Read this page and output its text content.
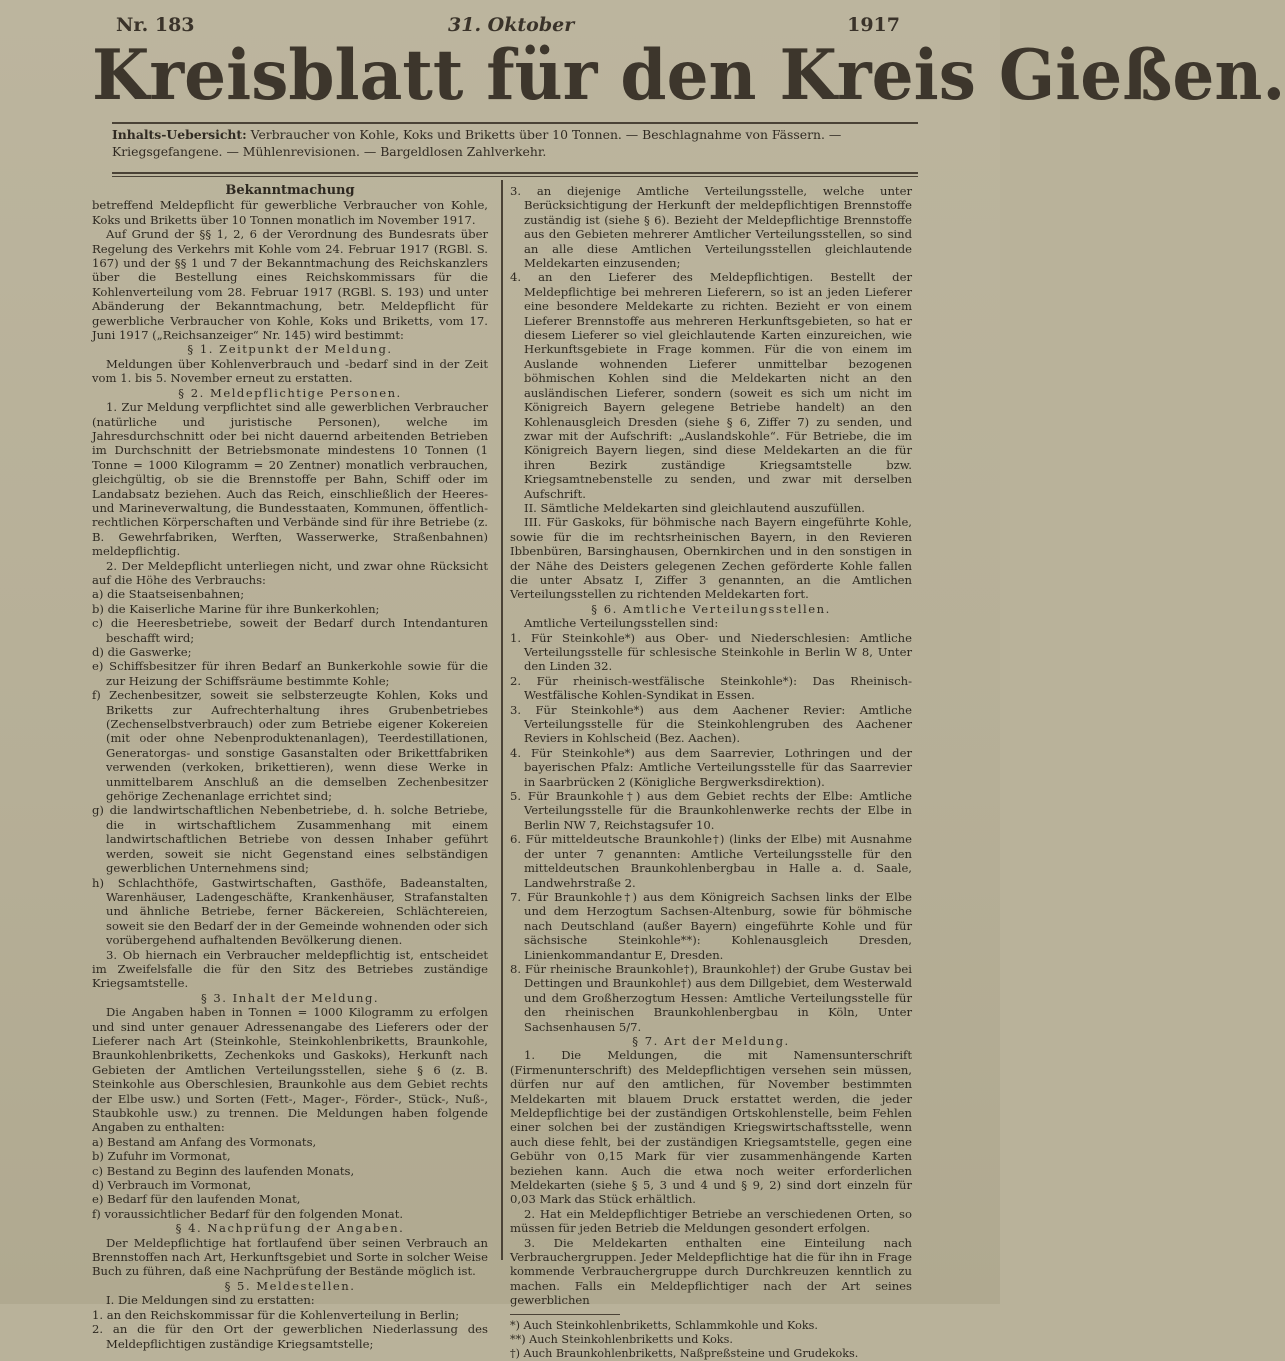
Nr. 183	31. Oktober	1917
Kreisblatt für den Kreis Gießen.
Inhalts-Uebersicht: Verbraucher von Kohle, Koks und Briketts über 10 Tonnen. — Beschlagnahme von Fässern. — Kriegsgefangene. — Mühlenrevisionen. — Bargeldlosen Zahlverkehr.

Bekanntmachung

betreffend Meldepflicht für gewerbliche Verbraucher von Kohle, Koks und Briketts über 10 Tonnen monatlich im November 1917.

Auf Grund der §§ 1, 2, 6 der Verordnung des Bundesrats über Regelung des Verkehrs mit Kohle vom 24. Februar 1917 (RGBl. S. 167) und der §§ 1 und 7 der Bekanntmachung des Reichskanzlers über die Bestellung eines Reichskommissars für die Kohlenverteilung vom 28. Februar 1917 (RGBl. S. 193) und unter Abänderung der Bekanntmachung, betr. Meldepflicht für gewerbliche Verbraucher von Kohle, Koks und Briketts, vom 17. Juni 1917 („Reichsanzeiger“ Nr. 145) wird bestimmt:

§ 1. Zeitpunkt der Meldung.

Meldungen über Kohlenverbrauch und -bedarf sind in der Zeit vom 1. bis 5. November erneut zu erstatten.

§ 2. Meldepflichtige Personen.

1. Zur Meldung verpflichtet sind alle gewerblichen Verbraucher (natürliche und juristische Personen), welche im Jahresdurchschnitt oder bei nicht dauernd arbeitenden Betrieben im Durchschnitt der Betriebsmonate mindestens 10 Tonnen (1 Tonne = 1000 Kilogramm = 20 Zentner) monatlich verbrauchen, gleichgültig, ob sie die Brennstoffe per Bahn, Schiff oder im Landabsatz beziehen. Auch das Reich, einschließlich der Heeres- und Marineverwaltung, die Bundesstaaten, Kommunen, öffentlich-rechtlichen Körperschaften und Verbände sind für ihre Betriebe (z. B. Gewehrfabriken, Werften, Wasserwerke, Straßenbahnen) meldepflichtig.

2. Der Meldepflicht unterliegen nicht, und zwar ohne Rücksicht auf die Höhe des Verbrauchs:

a) die Staatseisenbahnen;

b) die Kaiserliche Marine für ihre Bunkerkohlen;

c) die Heeresbetriebe, soweit der Bedarf durch Intendanturen beschafft wird;

d) die Gaswerke;

e) Schiffsbesitzer für ihren Bedarf an Bunkerkohle sowie für die zur Heizung der Schiffsräume bestimmte Kohle;

f) Zechenbesitzer, soweit sie selbsterzeugte Kohlen, Koks und Briketts zur Aufrechterhaltung ihres Grubenbetriebes (Zechenselbstverbrauch) oder zum Betriebe eigener Kokereien (mit oder ohne Nebenproduktenanlagen), Teerdestillationen, Generatorgas- und sonstige Gasanstalten oder Brikettfabriken verwenden (verkoken, brikettieren), wenn diese Werke in unmittelbarem Anschluß an die demselben Zechenbesitzer gehörige Zechenanlage errichtet sind;

g) die landwirtschaftlichen Nebenbetriebe, d. h. solche Betriebe, die in wirtschaftlichem Zusammenhang mit einem landwirtschaftlichen Betriebe von dessen Inhaber geführt werden, soweit sie nicht Gegenstand eines selbständigen gewerblichen Unternehmens sind;

h) Schlachthöfe, Gastwirtschaften, Gasthöfe, Badeanstalten, Warenhäuser, Ladengeschäfte, Krankenhäuser, Strafanstalten und ähnliche Betriebe, ferner Bäckereien, Schlächtereien, soweit sie den Bedarf der in der Gemeinde wohnenden oder sich vorübergehend aufhaltenden Bevölkerung dienen.

3. Ob hiernach ein Verbraucher meldepflichtig ist, entscheidet im Zweifelsfalle die für den Sitz des Betriebes zuständige Kriegsamtstelle.

§ 3. Inhalt der Meldung.

Die Angaben haben in Tonnen = 1000 Kilogramm zu erfolgen und sind unter genauer Adressenangabe des Lieferers oder der Lieferer nach Art (Steinkohle, Steinkohlenbriketts, Braunkohle, Braunkohlenbriketts, Zechenkoks und Gaskoks), Herkunft nach Gebieten der Amtlichen Verteilungsstellen, siehe § 6 (z. B. Steinkohle aus Oberschlesien, Braunkohle aus dem Gebiet rechts der Elbe usw.) und Sorten (Fett-, Mager-, Förder-, Stück-, Nuß-, Staubkohle usw.) zu trennen. Die Meldungen haben folgende Angaben zu enthalten:

a) Bestand am Anfang des Vormonats,

b) Zufuhr im Vormonat,

c) Bestand zu Beginn des laufenden Monats,

d) Verbrauch im Vormonat,

e) Bedarf für den laufenden Monat,

f) voraussichtlicher Bedarf für den folgenden Monat.

§ 4. Nachprüfung der Angaben.

Der Meldepflichtige hat fortlaufend über seinen Verbrauch an Brennstoffen nach Art, Herkunftsgebiet und Sorte in solcher Weise Buch zu führen, daß eine Nachprüfung der Bestände möglich ist.

§ 5. Meldestellen.

I. Die Meldungen sind zu erstatten:

1. an den Reichskommissar für die Kohlenverteilung in Berlin;

2. an die für den Ort der gewerblichen Niederlassung des Meldepflichtigen zuständige Kriegsamtstelle;

3. an diejenige Amtliche Verteilungsstelle, welche unter Berücksichtigung der Herkunft der meldepflichtigen Brennstoffe zuständig ist (siehe § 6). Bezieht der Meldepflichtige Brennstoffe aus den Gebieten mehrerer Amtlicher Verteilungsstellen, so sind an alle diese Amtlichen Verteilungsstellen gleichlautende Meldekarten einzusenden;

4. an den Lieferer des Meldepflichtigen. Bestellt der Meldepflichtige bei mehreren Lieferern, so ist an jeden Lieferer eine besondere Meldekarte zu richten. Bezieht er von einem Lieferer Brennstoffe aus mehreren Herkunftsgebieten, so hat er diesem Lieferer so viel gleichlautende Karten einzureichen, wie Herkunftsgebiete in Frage kommen. Für die von einem im Auslande wohnenden Lieferer unmittelbar bezogenen böhmischen Kohlen sind die Meldekarten nicht an den ausländischen Lieferer, sondern (soweit es sich um nicht im Königreich Bayern gelegene Betriebe handelt) an den Kohlenausgleich Dresden (siehe § 6, Ziffer 7) zu senden, und zwar mit der Aufschrift: „Auslandskohle“. Für Betriebe, die im Königreich Bayern liegen, sind diese Meldekarten an die für ihren Bezirk zuständige Kriegsamtstelle bzw. Kriegsamtnebenstelle zu senden, und zwar mit derselben Aufschrift.

II. Sämtliche Meldekarten sind gleichlautend auszufüllen.

III. Für Gaskoks, für böhmische nach Bayern eingeführte Kohle, sowie für die im rechtsrheinischen Bayern, in den Revieren Ibbenbüren, Barsinghausen, Obernkirchen und in den sonstigen in der Nähe des Deisters gelegenen Zechen geförderte Kohle fallen die unter Absatz I, Ziffer 3 genannten, an die Amtlichen Verteilungsstellen zu richtenden Meldekarten fort.

§ 6. Amtliche Verteilungsstellen.

Amtliche Verteilungsstellen sind:

1. Für Steinkohle*) aus Ober- und Niederschlesien: Amtliche Verteilungsstelle für schlesische Steinkohle in Berlin W 8, Unter den Linden 32.

2. Für rheinisch-westfälische Steinkohle*): Das Rheinisch-Westfälische Kohlen-Syndikat in Essen.

3. Für Steinkohle*) aus dem Aachener Revier: Amtliche Verteilungsstelle für die Steinkohlengruben des Aachener Reviers in Kohlscheid (Bez. Aachen).

4. Für Steinkohle*) aus dem Saarrevier, Lothringen und der bayerischen Pfalz: Amtliche Verteilungsstelle für das Saarrevier in Saarbrücken 2 (Königliche Bergwerksdirektion).

5. Für Braunkohle†) aus dem Gebiet rechts der Elbe: Amtliche Verteilungsstelle für die Braunkohlenwerke rechts der Elbe in Berlin NW 7, Reichstagsufer 10.

6. Für mitteldeutsche Braunkohle†) (links der Elbe) mit Ausnahme der unter 7 genannten: Amtliche Verteilungsstelle für den mitteldeutschen Braunkohlenbergbau in Halle a. d. Saale, Landwehrstraße 2.

7. Für Braunkohle†) aus dem Königreich Sachsen links der Elbe und dem Herzogtum Sachsen-Altenburg, sowie für böhmische nach Deutschland (außer Bayern) eingeführte Kohle und für sächsische Steinkohle**): Kohlenausgleich Dresden, Linienkommandantur E, Dresden.

8. Für rheinische Braunkohle†), Braunkohle†) der Grube Gustav bei Dettingen und Braunkohle†) aus dem Dillgebiet, dem Westerwald und dem Großherzogtum Hessen: Amtliche Verteilungsstelle für den rheinischen Braunkohlenbergbau in Köln, Unter Sachsenhausen 5/7.

§ 7. Art der Meldung.

1. Die Meldungen, die mit Namensunterschrift (Firmenunterschrift) des Meldepflichtigen versehen sein müssen, dürfen nur auf den amtlichen, für November bestimmten Meldekarten mit blauem Druck erstattet werden, die jeder Meldepflichtige bei der zuständigen Ortskohlenstelle, beim Fehlen einer solchen bei der zuständigen Kriegswirtschaftsstelle, wenn auch diese fehlt, bei der zuständigen Kriegsamtstelle, gegen eine Gebühr von 0,15 Mark für vier zusammenhängende Karten beziehen kann. Auch die etwa noch weiter erforderlichen Meldekarten (siehe § 5, 3 und 4 und § 9, 2) sind dort einzeln für 0,03 Mark das Stück erhältlich.

2. Hat ein Meldepflichtiger Betriebe an verschiedenen Orten, so müssen für jeden Betrieb die Meldungen gesondert erfolgen.

3. Die Meldekarten enthalten eine Einteilung nach Verbrauchergruppen. Jeder Meldepflichtige hat die für ihn in Frage kommende Verbrauchergruppe durch Durchkreuzen kenntlich zu machen. Falls ein Meldepflichtiger nach der Art seines gewerblichen

*) Auch Steinkohlenbriketts, Schlammkohle und Koks.

**) Auch Steinkohlenbriketts und Koks.

†) Auch Braunkohlenbriketts, Naßpreßsteine und Grudekoks.
